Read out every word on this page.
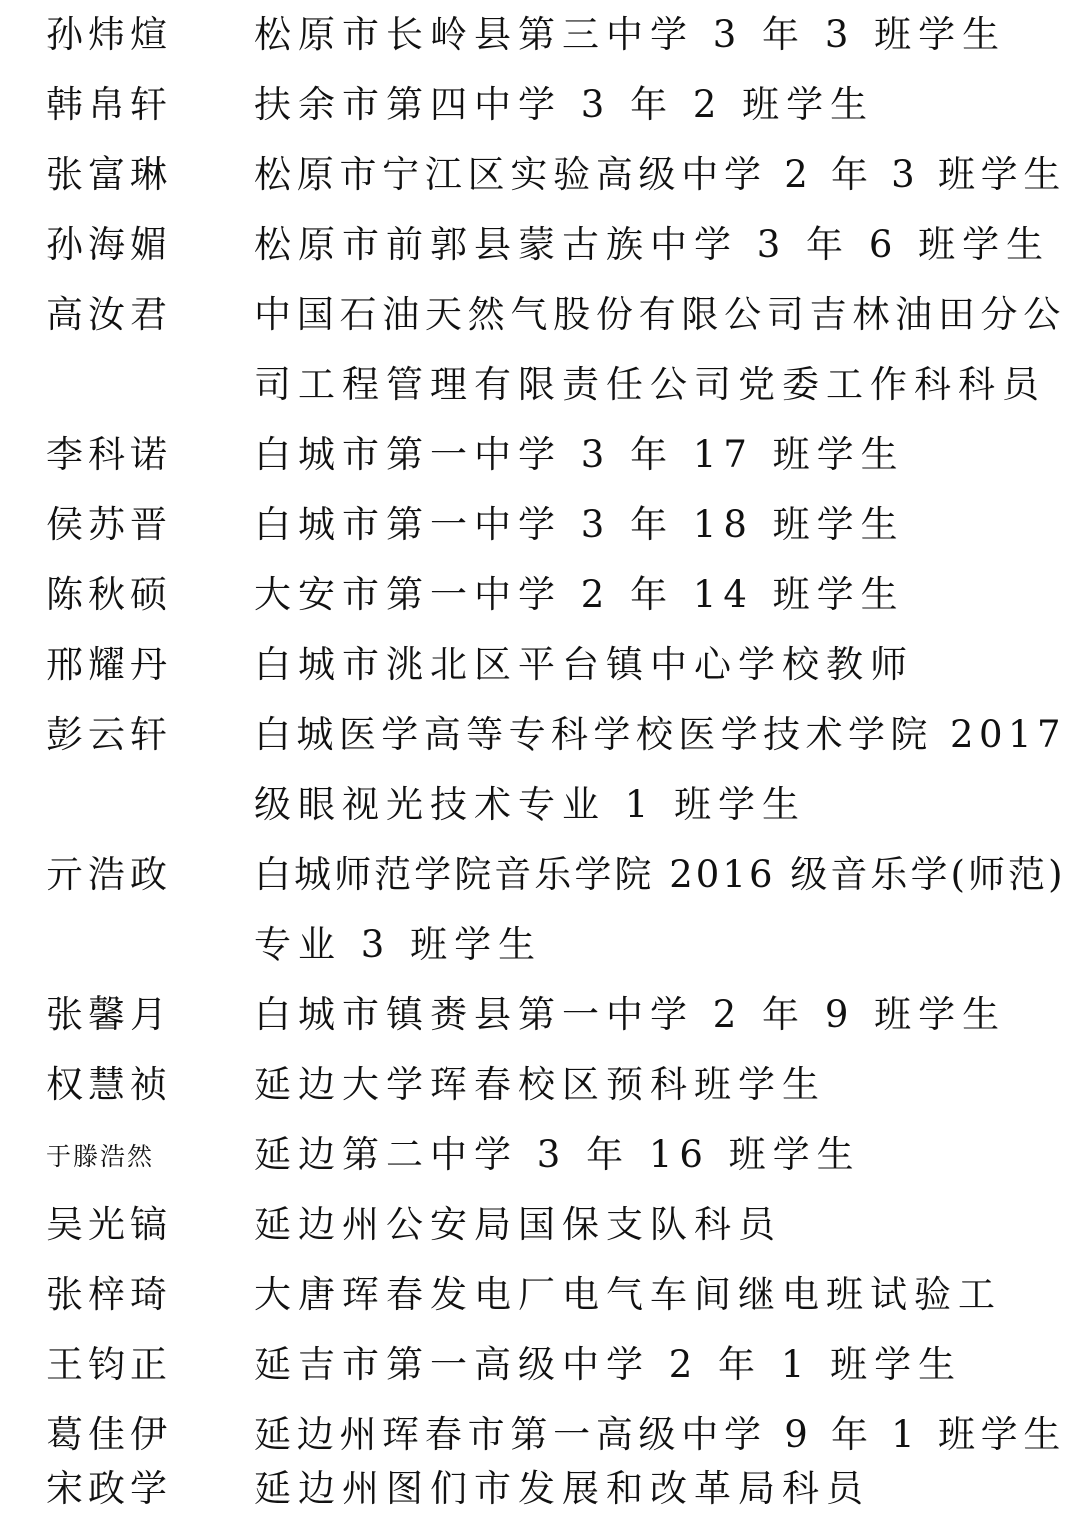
孙炜煊	松原市长岭县第三中学 3 年 3 班学生
韩帛轩	扶余市第四中学 3 年 2 班学生
张富琳	松原市宁江区实验高级中学 2 年 3 班学生
孙海媚	松原市前郭县蒙古族中学 3 年 6 班学生
高汝君	中国石油天然气股份有限公司吉林油田分公
司工程管理有限责任公司党委工作科科员
李科诺	白城市第一中学 3 年 17 班学生
侯苏晋	白城市第一中学 3 年 18 班学生
陈秋硕	大安市第一中学 2 年 14 班学生
邢耀丹	白城市洮北区平台镇中心学校教师
彭云轩	白城医学高等专科学校医学技术学院 2017
级眼视光技术专业 1 班学生
亓浩政	白城师范学院音乐学院 2016 级音乐学(师范)
专业 3 班学生
张馨月	白城市镇赉县第一中学 2 年 9 班学生
权慧祯	延边大学珲春校区预科班学生
于滕浩然	延边第二中学 3 年 16 班学生
吴光镐	延边州公安局国保支队科员
张梓琦	大唐珲春发电厂电气车间继电班试验工
王钧正	延吉市第一高级中学 2 年 1 班学生
葛佳伊	延边州珲春市第一高级中学 9 年 1 班学生
宋政学	延边州图们市发展和改革局科员
